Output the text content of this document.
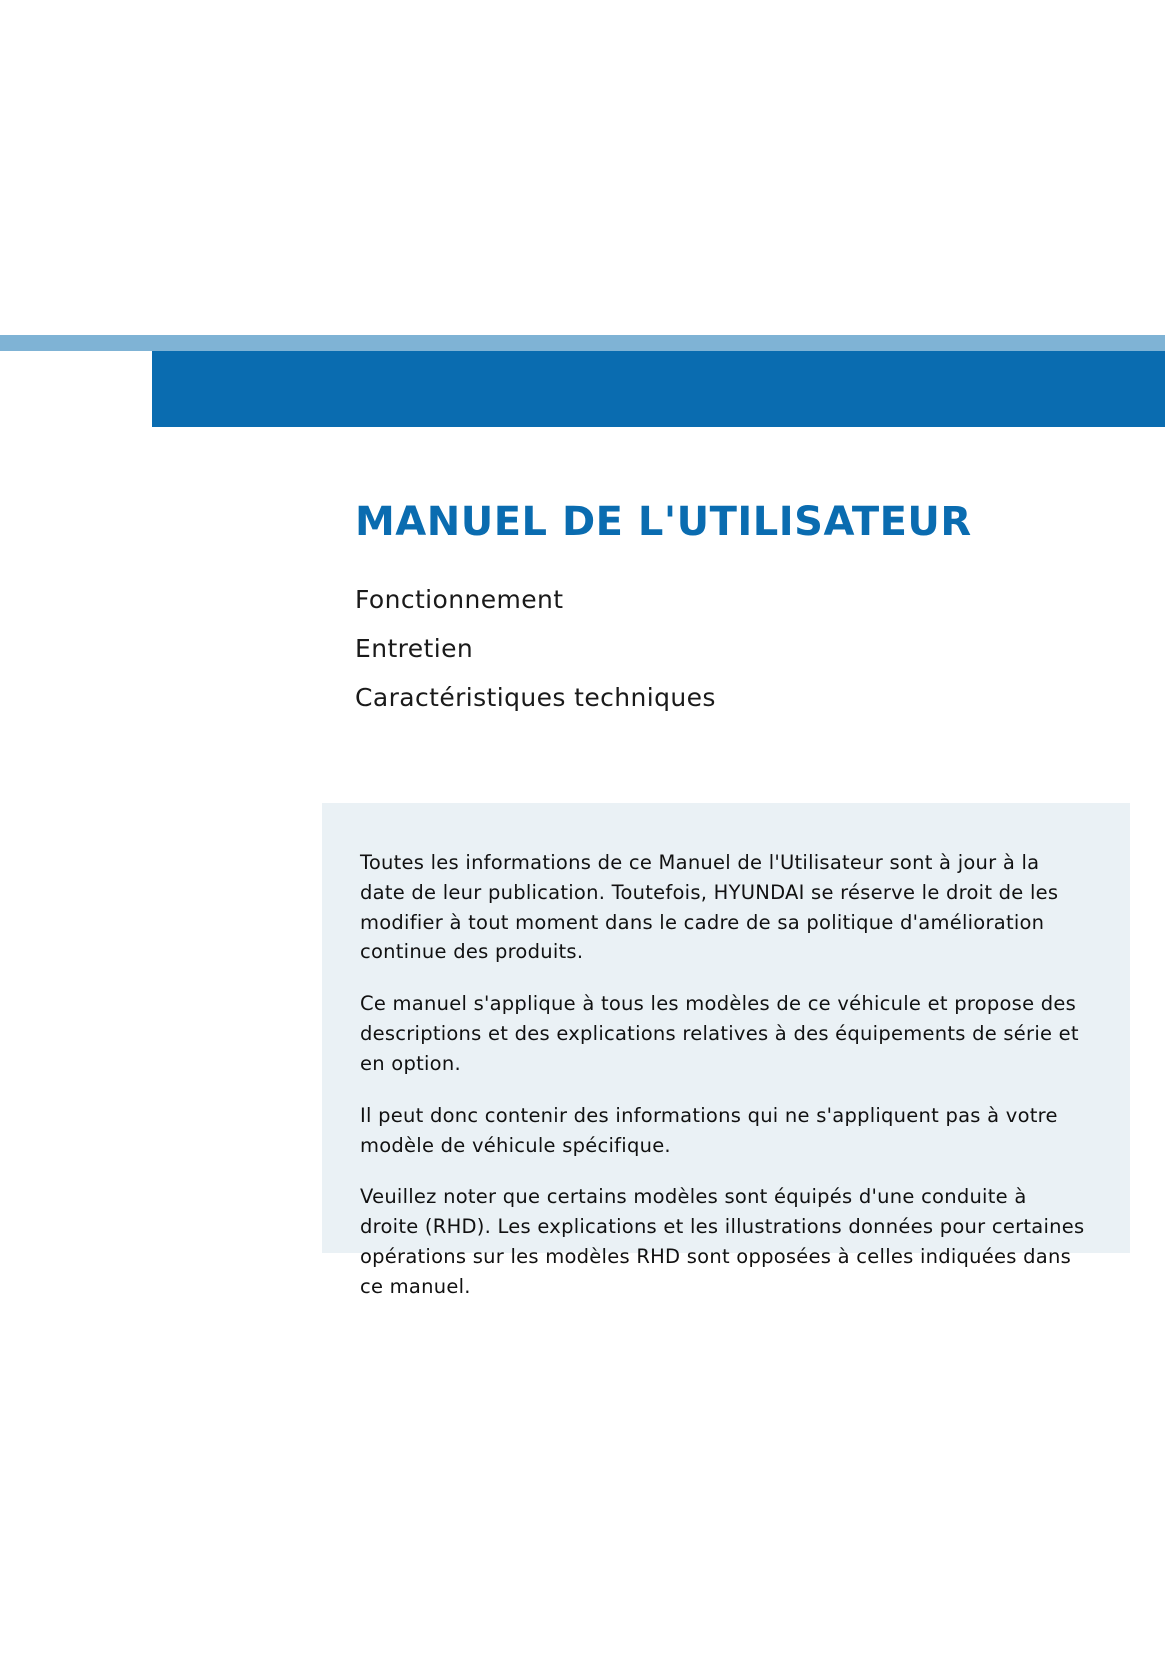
MANUEL DE L'UTILISATEUR
Fonctionnement
Entretien
Caractéristiques techniques

Toutes les informations de ce Manuel de l'Utilisateur sont à jour à la date de leur publication. Toutefois, HYUNDAI se réserve le droit de les modifier à tout moment dans le cadre de sa politique d'amélioration continue des produits.

Ce manuel s'applique à tous les modèles de ce véhicule et propose des descriptions et des explications relatives à des équipements de série et en option.

Il peut donc contenir des informations qui ne s'appliquent pas à votre modèle de véhicule spécifique.

Veuillez noter que certains modèles sont équipés d'une conduite à droite (RHD). Les explications et les illustrations données pour certaines opérations sur les modèles RHD sont opposées à celles indiquées dans ce manuel.
